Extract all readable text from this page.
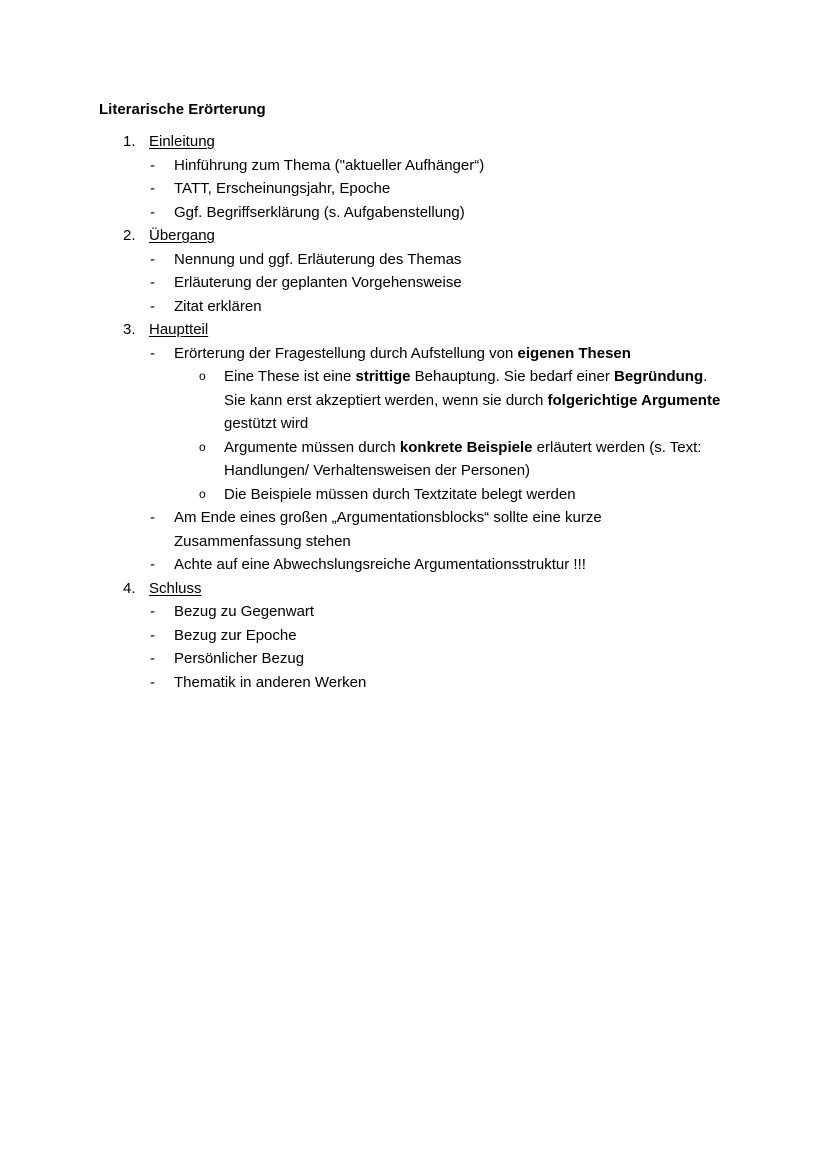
Literarische Erörterung
1. Einleitung
- Hinführung zum Thema ("aktueller Aufhänger“)
- TATT, Erscheinungsjahr, Epoche
- Ggf. Begriffserklärung (s. Aufgabenstellung)
2. Übergang
- Nennung und ggf. Erläuterung des Themas
- Erläuterung der geplanten Vorgehensweise
- Zitat erklären
3. Hauptteil
- Erörterung der Fragestellung durch Aufstellung von eigenen Thesen
o Eine These ist eine strittige Behauptung. Sie bedarf einer Begründung. Sie kann erst akzeptiert werden, wenn sie durch folgerichtige Argumente gestützt wird
o Argumente müssen durch konkrete Beispiele erläutert werden (s. Text: Handlungen/ Verhaltensweisen der Personen)
o Die Beispiele müssen durch Textzitate belegt werden
- Am Ende eines großen „Argumentationsblocks“ sollte eine kurze Zusammenfassung stehen
- Achte auf eine Abwechslungsreiche Argumentationsstruktur !!!
4. Schluss
- Bezug zu Gegenwart
- Bezug zur Epoche
- Persönlicher Bezug
- Thematik in anderen Werken
